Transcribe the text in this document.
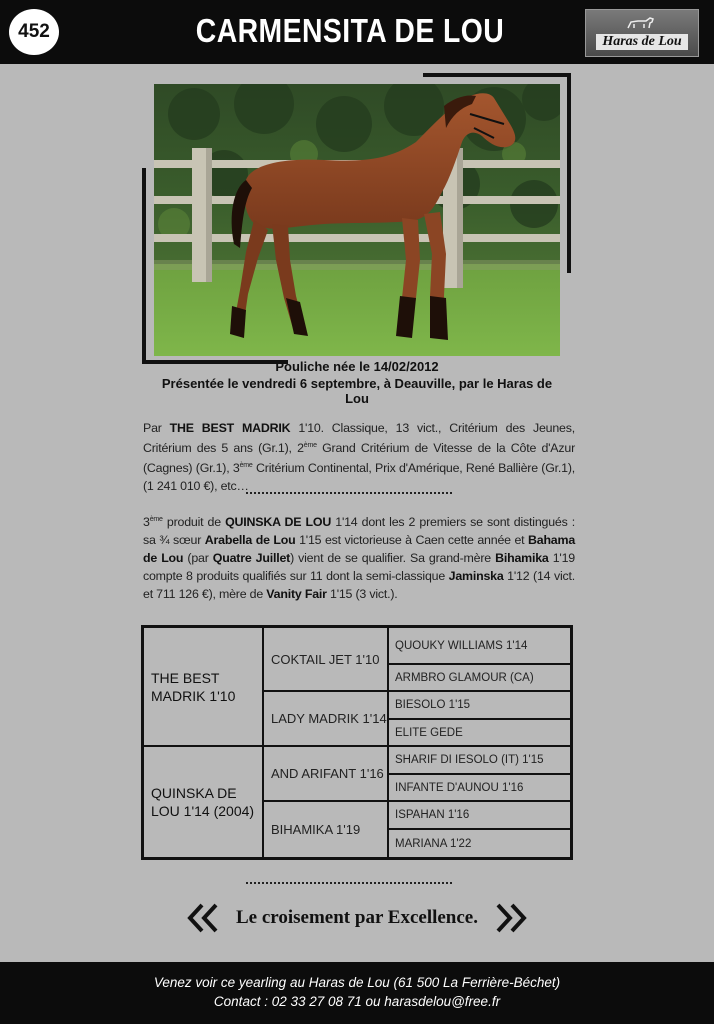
452	CARMENSITA DE LOU	Haras de Lou
Pouliche née le 14/02/2012
Présentée le vendredi 6 septembre, à Deauville, par le Haras de Lou
Par THE BEST MADRIK 1'10. Classique, 13 vict., Critérium des Jeunes, Critérium des 5 ans (Gr.1), 2ème Grand Critérium de Vitesse de la Côte d'Azur (Cagnes) (Gr.1), 3ème Critérium Continental, Prix d'Amérique, René Ballière (Gr.1), (1 241 010 €), etc…
3ème produit de QUINSKA DE LOU 1'14 dont les 2 premiers se sont distingués : sa ¾ sœur Arabella de Lou 1'15 est victorieuse à Caen cette année et Bahama de Lou (par Quatre Juillet) vient de se qualifier. Sa grand-mère Bihamika 1'19 compte 8 produits qualifiés sur 11 dont la semi-classique Jaminska 1'12 (14 vict. et 711 126 €), mère de Vanity Fair 1'15 (3 vict.).
THE BEST MADRIK 1'10
QUINSKA DE LOU 1'14 (2004)
COKTAIL JET 1'10
LADY MADRIK 1'14
AND ARIFANT 1'16
BIHAMIKA 1'19
QUOUKY WILLIAMS 1'14
ARMBRO GLAMOUR (CA)
BIESOLO 1'15
ELITE GEDE
SHARIF DI IESOLO (IT) 1'15
INFANTE D'AUNOU 1'16
ISPAHAN 1'16
MARIANA 1'22
Le croisement par Excellence.
Venez voir ce yearling au Haras de Lou (61 500 La Ferrière-Béchet)
Contact : 02 33 27 08 71 ou harasdelou@free.fr
